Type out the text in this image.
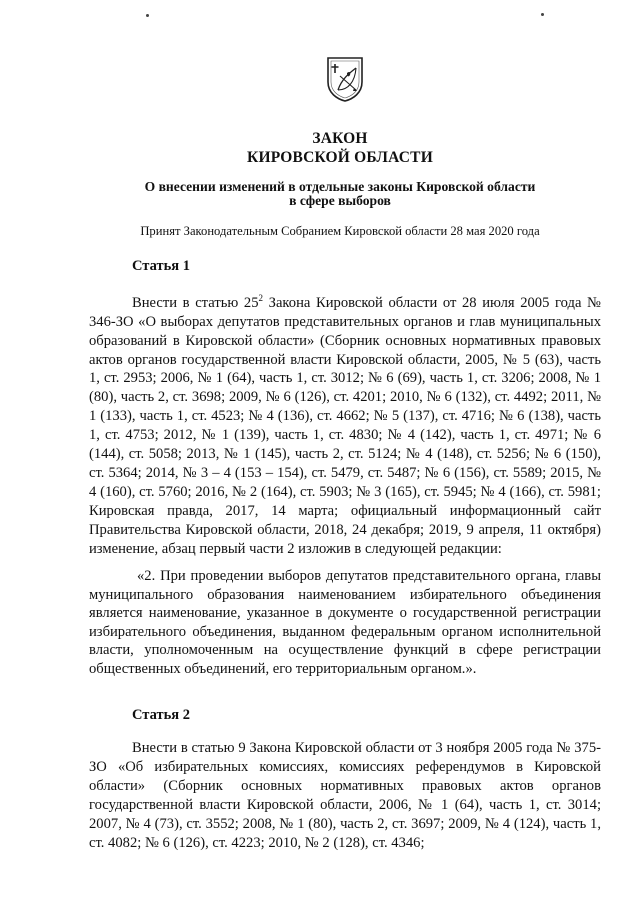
ЗАКОН
КИРОВСКОЙ ОБЛАСТИ
О внесении изменений в отдельные законы Кировской области
в сфере выборов
Принят Законодательным Собранием Кировской области 28 мая 2020 года
Статья 1

Внести в статью $25^2$ Закона Кировской области от 28 июля 2005 года № 346-ЗО «О выборах депутатов представительных органов и глав муниципальных образований в Кировской области» (Сборник основных нормативных правовых актов органов государственной власти Кировской области, 2005, № 5 (63), часть 1, ст. 2953; 2006, № 1 (64), часть 1, ст. 3012; № 6 (69), часть 1, ст. 3206; 2008, № 1 (80), часть 2, ст. 3698; 2009, № 6 (126), ст. 4201; 2010, № 6 (132), ст. 4492; 2011, № 1 (133), часть 1, ст. 4523; № 4 (136), ст. 4662; № 5 (137), ст. 4716; № 6 (138), часть 1, ст. 4753; 2012, № 1 (139), часть 1, ст. 4830; № 4 (142), часть 1, ст. 4971; № 6 (144), ст. 5058; 2013, № 1 (145), часть 2, ст. 5124; № 4 (148), ст. 5256; № 6 (150), ст. 5364; 2014, № 3 – 4 (153 – 154), ст. 5479, ст. 5487; № 6 (156), ст. 5589; 2015, № 4 (160), ст. 5760; 2016, № 2 (164), ст. 5903; № 3 (165), ст. 5945; № 4 (166), ст. 5981; Кировская правда, 2017, 14 марта; официальный информационный сайт Правительства Кировской области, 2018, 24 декабря; 2019, 9 апреля, 11 октября) изменение, абзац первый части 2 изложив в следующей редакции:

«2. При проведении выборов депутатов представительного органа, главы муниципального образования наименованием избирательного объединения является наименование, указанное в документе о государственной регистрации избирательного объединения, выданном федеральным органом исполнительной власти, уполномоченным на осуществление функций в сфере регистрации общественных объединений, его территориальным органом.».

Статья 2

Внести в статью 9 Закона Кировской области от 3 ноября 2005 года № 375-ЗО «Об избирательных комиссиях, комиссиях референдумов в Кировской области» (Сборник основных нормативных правовых актов органов государственной власти Кировской области, 2006, № 1 (64), часть 1, ст. 3014; 2007, № 4 (73), ст. 3552; 2008, № 1 (80), часть 2, ст. 3697; 2009, № 4 (124), часть 1, ст. 4082; № 6 (126), ст. 4223; 2010, № 2 (128), ст. 4346;
